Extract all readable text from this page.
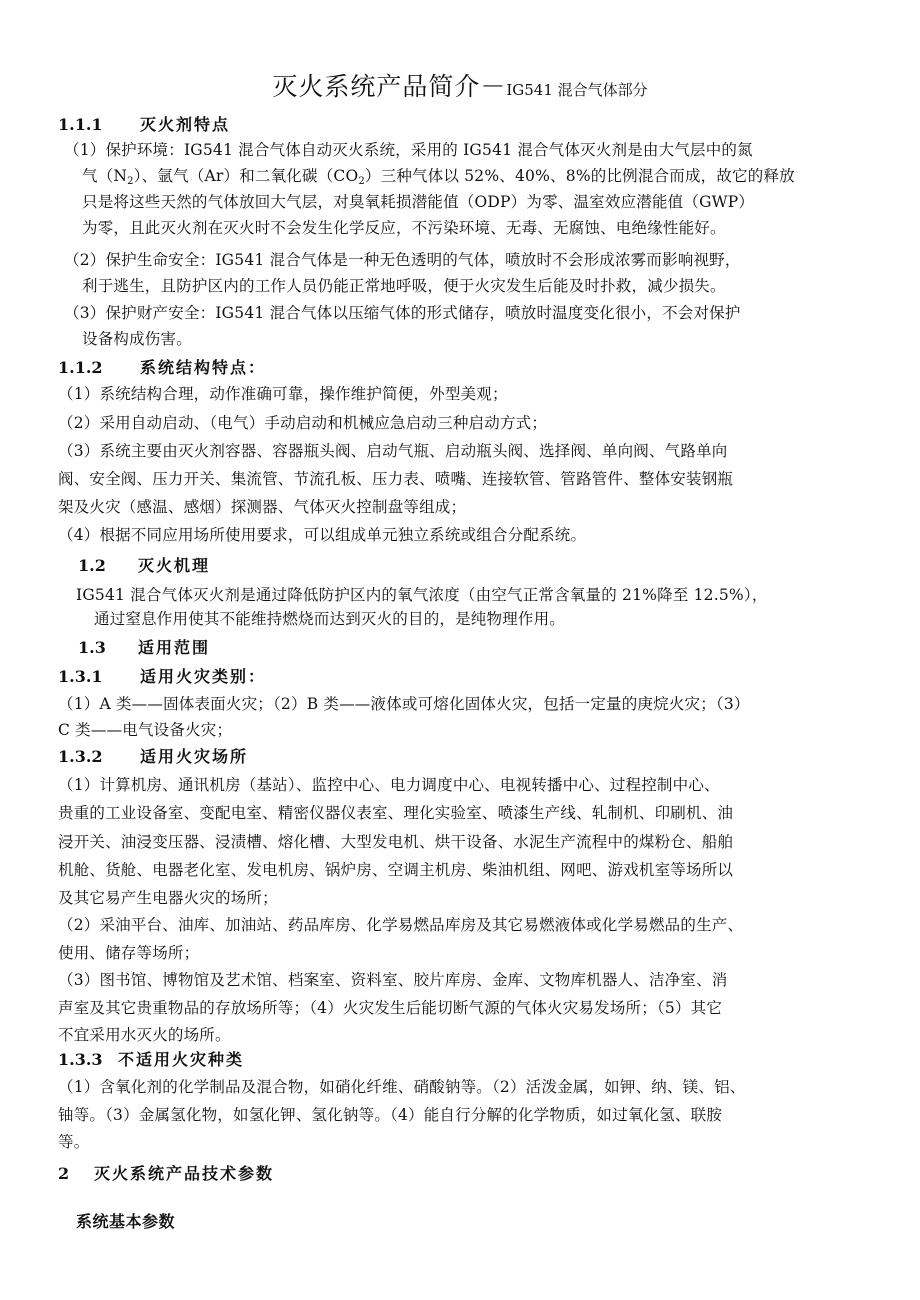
灭火系统产品简介－IG541 混合气体部分
1.1.1 灭火剂特点
（1）保护环境：IG541 混合气体自动灭火系统，采用的 IG541 混合气体灭火剂是由大气层中的氮
气$(N_2)$、氩气（Ar）和二氧化碳$(CO_2)$三种气体以 52%、40%、8%的比例混合而成，故它的释放
只是将这些天然的气体放回大气层，对臭氧耗损潜能值（ODP）为零、温室效应潜能值（GWP）
为零，且此灭火剂在灭火时不会发生化学反应，不污染环境、无毒、无腐蚀、电绝缘性能好。
（2）保护生命安全：IG541 混合气体是一种无色透明的气体，喷放时不会形成浓雾而影响视野，
利于逃生，且防护区内的工作人员仍能正常地呼吸，便于火灾发生后能及时扑救，减少损失。
（3）保护财产安全：IG541 混合气体以压缩气体的形式储存，喷放时温度变化很小，不会对保护
设备构成伤害。
1.1.2 系统结构特点：
（1）系统结构合理，动作准确可靠，操作维护简便，外型美观；
（2）采用自动启动、（电气）手动启动和机械应急启动三种启动方式；
（3）系统主要由灭火剂容器、容器瓶头阀、启动气瓶、启动瓶头阀、选择阀、单向阀、气路单向
阀、安全阀、压力开关、集流管、节流孔板、压力表、喷嘴、连接软管、管路管件、整体安装钢瓶
架及火灾（感温、感烟）探测器、气体灭火控制盘等组成；
（4）根据不同应用场所使用要求，可以组成单元独立系统或组合分配系统。
1.2 灭火机理
IG541 混合气体灭火剂是通过降低防护区内的氧气浓度（由空气正常含氧量的 21%降至 12.5%），
通过窒息作用使其不能维持燃烧而达到灭火的目的，是纯物理作用。
1.3 适用范围
1.3.1 适用火灾类别：
（1）A 类——固体表面火灾；（2）B 类——液体或可熔化固体火灾，包括一定量的庚烷火灾；（3）
C 类——电气设备火灾；
1.3.2 适用火灾场所
（1）计算机房、通讯机房（基站）、监控中心、电力调度中心、电视转播中心、过程控制中心、
贵重的工业设备室、变配电室、精密仪器仪表室、理化实验室、喷漆生产线、轧制机、印刷机、油
浸开关、油浸变压器、浸渍槽、熔化槽、大型发电机、烘干设备、水泥生产流程中的煤粉仓、船舶
机舱、货舱、电器老化室、发电机房、锅炉房、空调主机房、柴油机组、网吧、游戏机室等场所以
及其它易产生电器火灾的场所；
（2）采油平台、油库、加油站、药品库房、化学易燃品库房及其它易燃液体或化学易燃品的生产、
使用、储存等场所；
（3）图书馆、博物馆及艺术馆、档案室、资料室、胶片库房、金库、文物库机器人、洁净室、消
声室及其它贵重物品的存放场所等；（4）火灾发生后能切断气源的气体火灾易发场所；（5）其它
不宜采用水灭火的场所。
1.3.3 不适用火灾种类
（1）含氧化剂的化学制品及混合物，如硝化纤维、硝酸钠等。（2）活泼金属，如钾、纳、镁、铝、
铀等。（3）金属氢化物，如氢化钾、氢化钠等。（4）能自行分解的化学物质，如过氧化氢、联胺
等。
2 灭火系统产品技术参数
系统基本参数
